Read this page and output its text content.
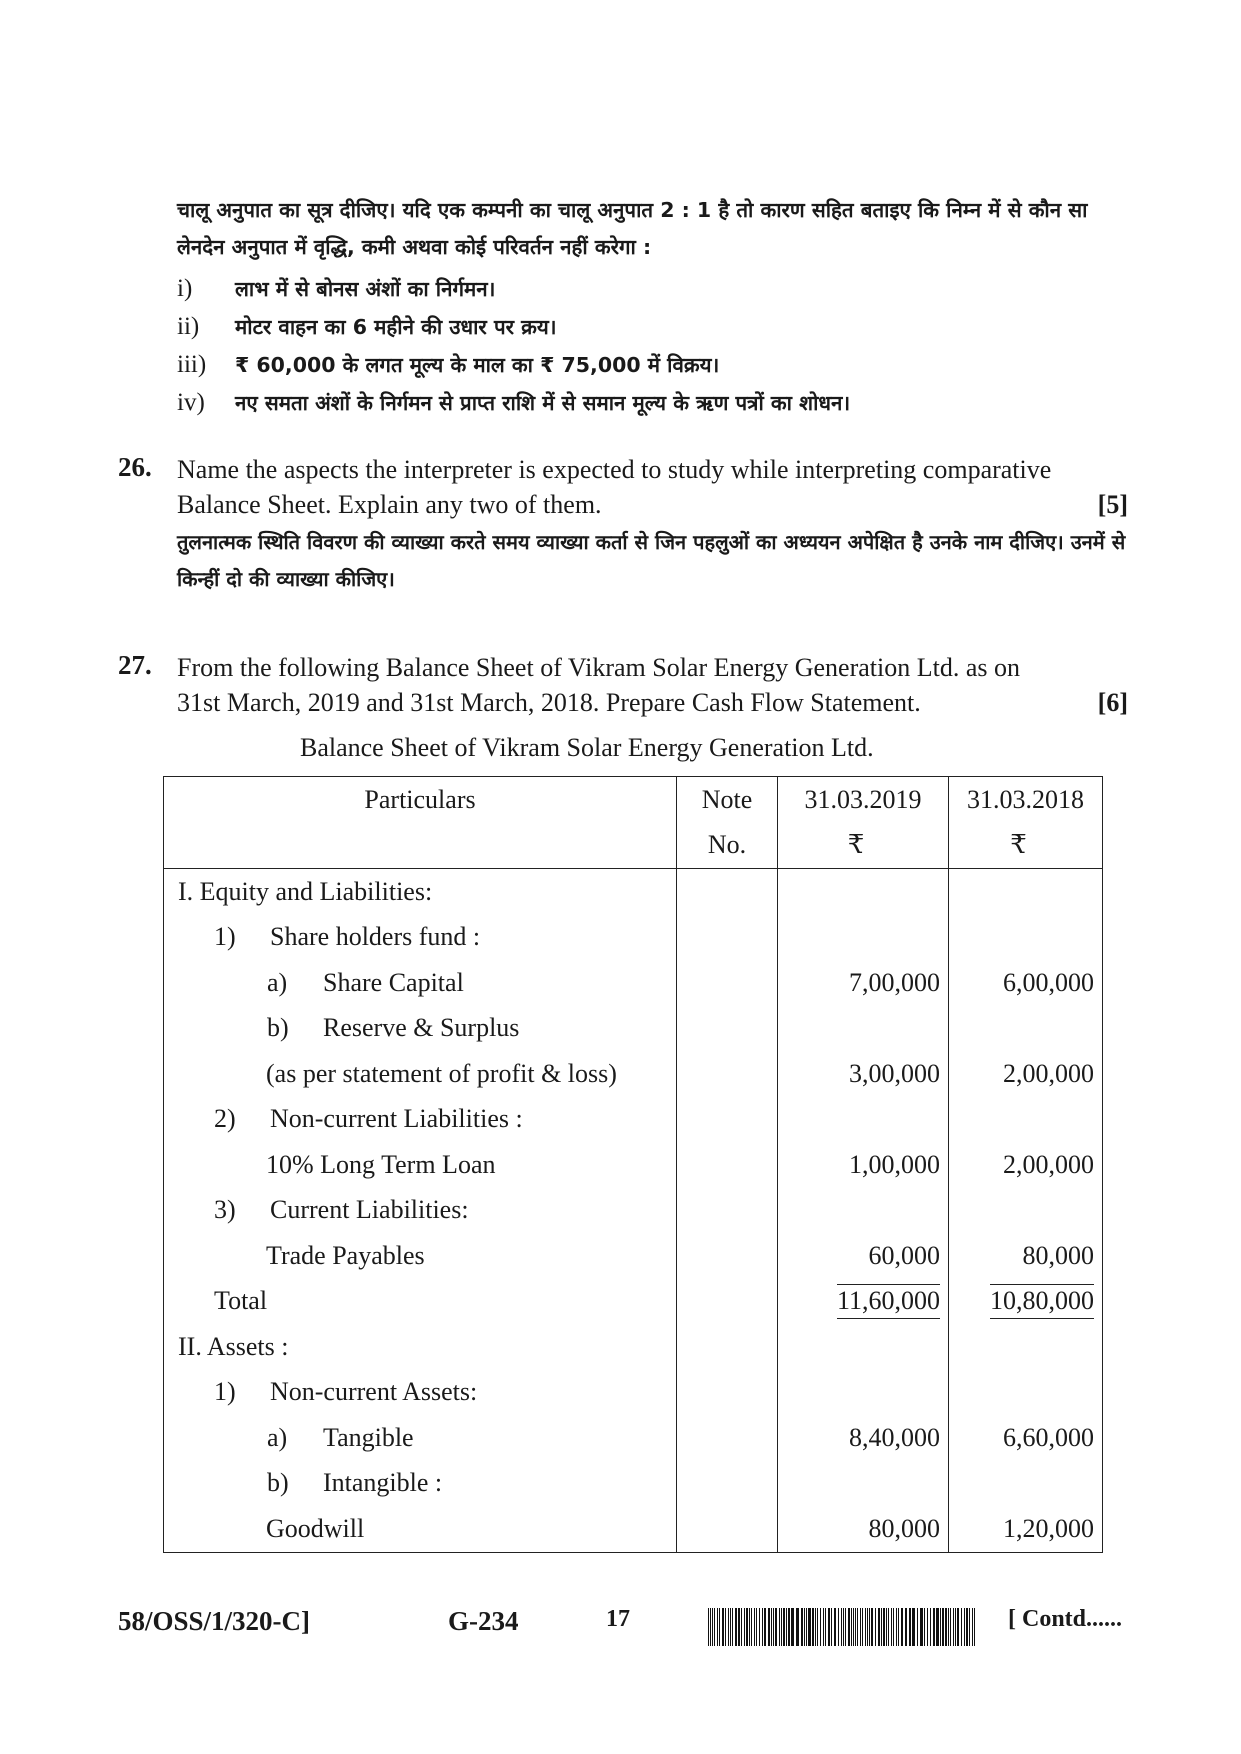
चालू अनुपात का सूत्र दीजिए। यदि एक कम्पनी का चालू अनुपात 2 : 1 है तो कारण सहित बताइए कि निम्न में से कौन सा लेनदेन अनुपात में वृद्धि, कमी अथवा कोई परिवर्तन नहीं करेगा :
i)	लाभ में से बोनस अंशों का निर्गमन।
ii)	मोटर वाहन का 6 महीने की उधार पर क्रय।
iii)	₹ 60,000 के लगत मूल्य के माल का ₹ 75,000 में विक्रय।
iv)	नए समता अंशों के निर्गमन से प्राप्त राशि में से समान मूल्य के ऋण पत्रों का शोधन।
26. Name the aspects the interpreter is expected to study while interpreting comparative
Balance Sheet. Explain any two of them.	[5]
तुलनात्मक स्थिति विवरण की व्याख्या करते समय व्याख्या कर्ता से जिन पहलुओं का अध्ययन अपेक्षित है उनके नाम दीजिए। उनमें से किन्हीं दो की व्याख्या कीजिए।
27. From the following Balance Sheet of Vikram Solar Energy Generation Ltd. as on
31st March, 2019 and 31st March, 2018. Prepare Cash Flow Statement.	[6]
Balance Sheet of Vikram Solar Energy Generation Ltd.
Particulars	Note	31.03.2019	31.03.2018
	No.	₹	₹
I. Equity and Liabilities:			
1) Share holders fund :			
a) Share Capital		7,00,000	6,00,000
b) Reserve & Surplus			
(as per statement of profit & loss)		3,00,000	2,00,000
2) Non-current Liabilities :			
10% Long Term Loan		1,00,000	2,00,000
3) Current Liabilities:			
Trade Payables		60,000	80,000
Total		11,60,000	10,80,000
II. Assets :			
1) Non-current Assets:			
a) Tangible		8,40,000	6,60,000
b) Intangible :			
Goodwill		80,000	1,20,000
58/OSS/1/320-C]	G-234	17	[ Contd......
